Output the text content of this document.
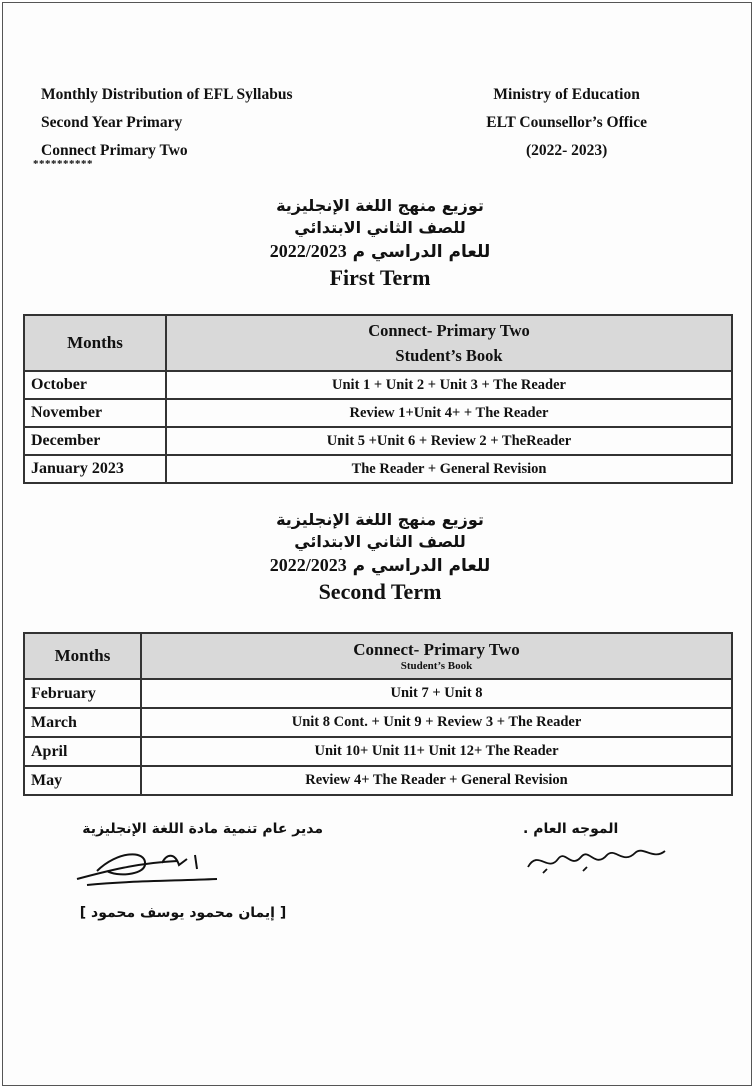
Monthly Distribution of EFL Syllabus
Second Year Primary
Connect Primary Two
**********
Ministry of Education
ELT Counsellor’s Office
(2022- 2023)
توزيع منهج اللغة الإنجليزية
للصف الثاني الابتدائي
م 2022/2023 للعام الدراسي
First Term
Months	Connect- Primary Two
Student’s Book

October	Unit 1 + Unit 2 + Unit 3 + The Reader
November	Review 1+Unit 4+ + The Reader
December	Unit 5 +Unit 6 + Review 2 + TheReader
January 2023	The Reader + General Revision
توزيع منهج اللغة الإنجليزية
للصف الثاني الابتدائي
م 2022/2023 للعام الدراسي
Second Term
Months	Connect- Primary Two
Student’s Book

February	Unit 7 + Unit 8
March	Unit 8 Cont. + Unit 9 + Review 3 + The Reader
April	Unit 10+ Unit 11+ Unit 12+ The Reader
May	Review 4+ The Reader + General Revision
مدير عام تنمية مادة اللغة الإنجليزية
[ إيمان محمود يوسف محمود ]
الموجه العام .
